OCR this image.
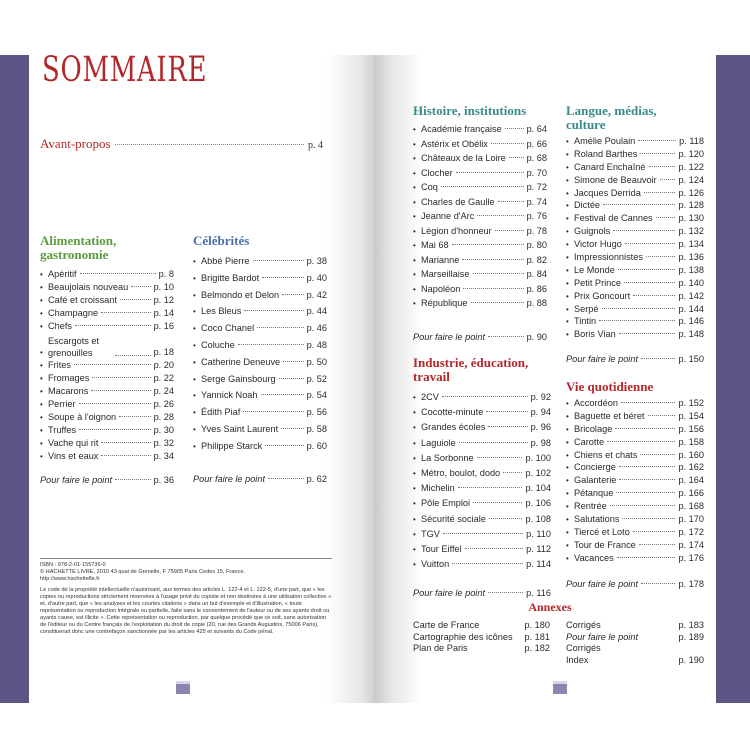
SOMMAIRE
Avant-propos	p. 4
Alimentation,
gastronomie
• Apéritif	p. 8
• Beaujolais nouveau	p. 10
• Café et croissant	p. 12
• Champagne	p. 14
• Chefs	p. 16
•
Escargots et grenouilles	p. 18
• Frites	p. 20
• Fromages	p. 22
• Macarons	p. 24
• Perrier	p. 26
• Soupe à l'oignon	p. 28
• Truffes	p. 30
• Vache qui rit	p. 32
• Vins et eaux	p. 34
Pour faire le point	p. 36
Célébrités
• Abbé Pierre	p. 38
• Brigitte Bardot	p. 40
• Belmondo et Delon	p. 42
• Les Bleus	p. 44
• Coco Chanel	p. 46
• Coluche	p. 48
• Catherine Deneuve	p. 50
• Serge Gainsbourg	p. 52
• Yannick Noah	p. 54
• Édith Piaf	p. 56
• Yves Saint Laurent	p. 58
• Philippe Starck	p. 60
Pour faire le point	p. 62
Histoire, institutions
• Académie française	p. 64
• Astérix et Obélix	p. 66
• Châteaux de la Loire p. 68
• Clocher	p. 70
• Coq	p. 72
• Charles de Gaulle	p. 74
• Jeanne d'Arc	p. 76
• Légion d'honneur	p. 78
• Mai 68	p. 80
• Marianne	p. 82
• Marseillaise	p. 84
• Napoléon	p. 86
• République	p. 88
Pour faire le point	p. 90
Industrie, éducation,
travail
• 2CV	p. 92
• Cocotte-minute	p. 94
• Grandes écoles	p. 96
• Laguiole	p. 98
• La Sorbonne	p. 100
• Métro, boulot, dodo	p. 102
• Michelin	p. 104
• Pôle Emploi	p. 106
• Sécurité sociale	p. 108
• TGV	p. 110
• Tour Eiffel	p. 112
• Vuitton	p. 114
Pour faire le point	p. 116
Langue, médias,
culture
• Amélie Poulain	p. 118
• Roland Barthes	p. 120
• Canard Enchaîné	p. 122
• Simone de Beauvoir p. 124
• Jacques Derrida	p. 126
• Dictée	p. 128
• Festival de Cannes	p. 130
• Guignols	p. 132
• Victor Hugo	p. 134
• Impressionnistes	p. 136
• Le Monde	p. 138
• Petit Prince	p. 140
• Prix Goncourt	p. 142
• Serpé	p. 144
• Tintin	p. 146
• Boris Vian	p. 148
Pour faire le point	p. 150
Vie quotidienne
• Accordéon	p. 152
• Baguette et béret	p. 154
• Bricolage	p. 156
• Carotte	p. 158
• Chiens et chats	p. 160
• Concierge	p. 162
• Galanterie	p. 164
• Pétanque	p. 166
• Rentrée	p. 168
• Salutations	p. 170
• Tiercé et Loto	p. 172
• Tour de France	p. 174
• Vacances	p. 176
Pour faire le point	p. 178
Annexes
Carte de France	p. 180
Cartographie des icônes	p. 181
Plan de Paris	p. 182
Corrigés	p. 183
Pour faire le point	p. 189
Corrigés
Index	p. 190
ISBN : 978-2-01-155736-0
© HACHETTE LIVRE, 2010 43 quai de Grenelle, F 75905 Paris Cedex 15, France.
http://www.hachettefle.fr

Le code de la propriété intellectuelle n'autorisant, aux termes des articles L. 122-4 et L. 122-5, d'une part, que « les copies ou reproductions strictement réservées à l'usage privé du copiste et non destinées à une utilisation collective » et, d'autre part, que « les analyses et les courtes citations » dans un but d'exemple et d'illustration, « toute représentation ou reproduction intégrale ou partielle, faite sans le consentement de l'auteur ou de ses ayants droit ou ayants cause, est illicite ». Cette représentation ou reproduction, par quelque procédé que ce soit, sans autorisation de l'éditeur ou du Centre français de l'exploitation du droit de copie (20, rue des Grands Augustins, 75006 Paris), constituerait donc une contrefaçon sanctionnée par les articles 425 et suivants du Code pénal.
